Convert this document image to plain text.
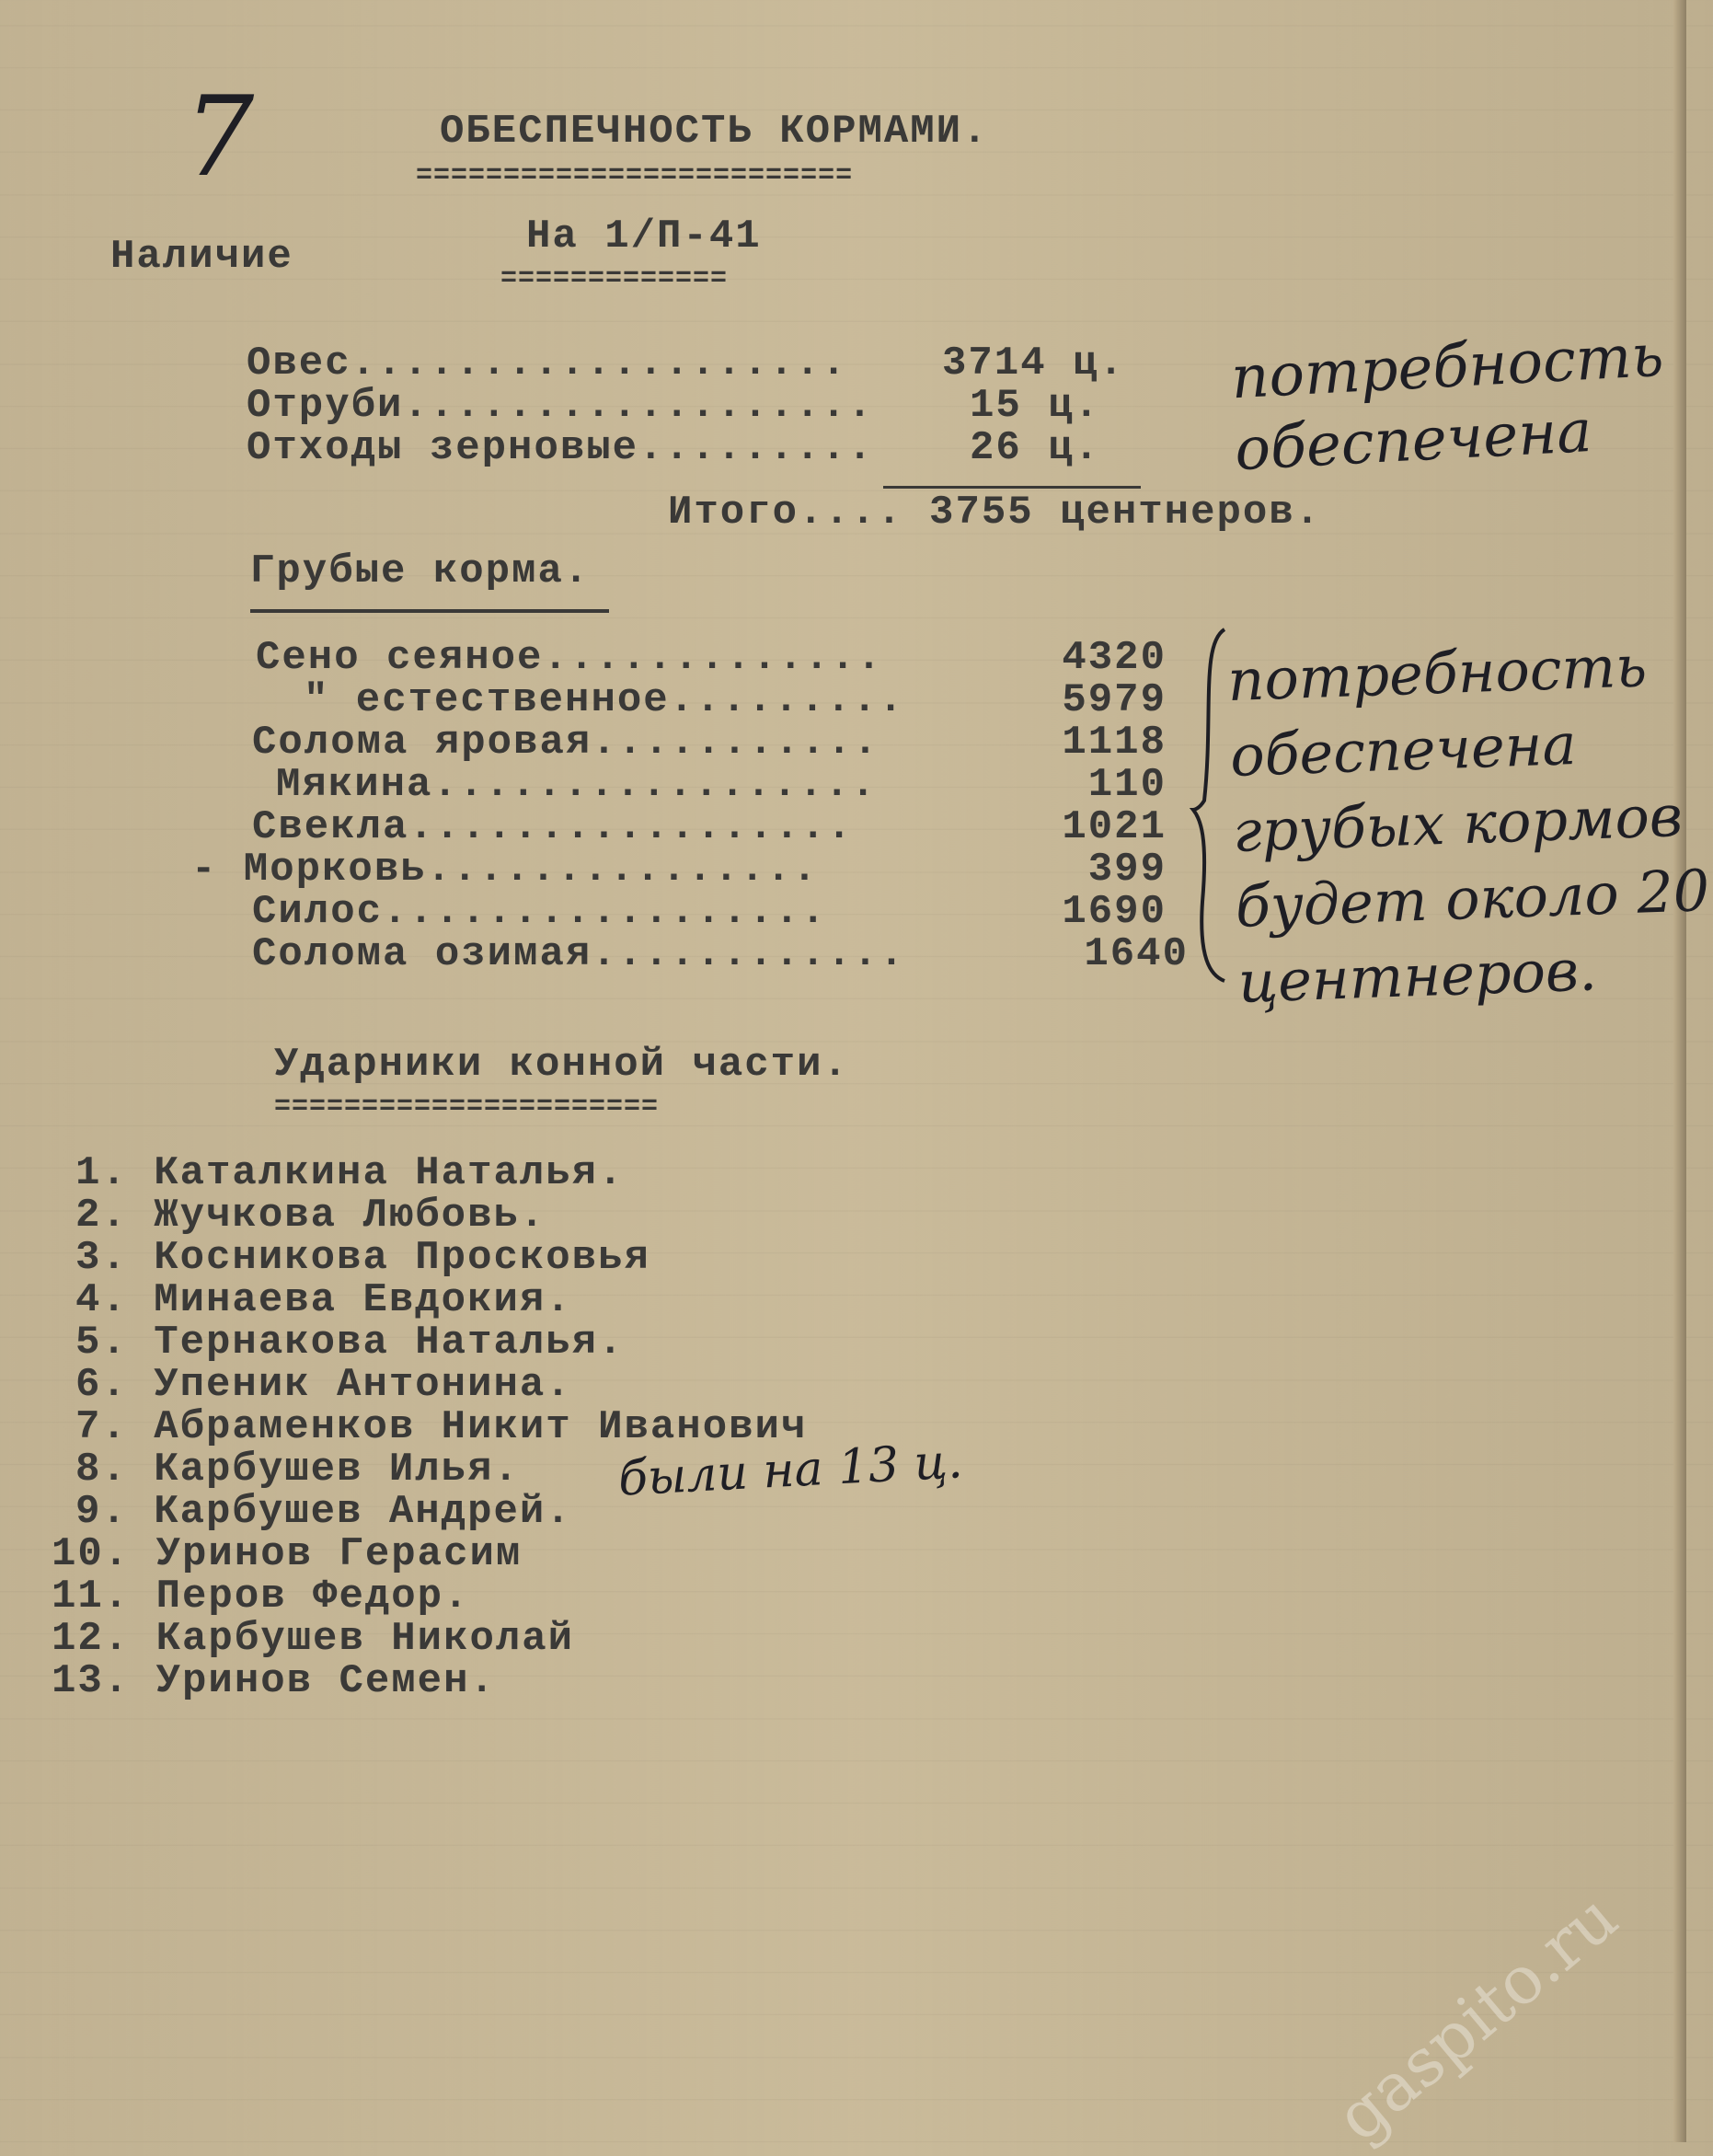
7	ОБЕСПЕЧНОСТЬ КОРМАМИ.
=========================
Наличие	На 1/П-41
=============
Овес................... 3714 ц.
Отруби.................. 15 ц.
Отходы зерновые......... 26 ц.
Итого.... 3755 центнеров.
потребность
обеспечена
Грубые корма.
Сено сеяное.............	4320
" естественное.........	5979
Солома яровая...........	1118
Мякина.................	110
Свекла.................	1021
- Морковь...............	399
Силос.................	1690
Солома озимая............	1640
потребность
обеспечена
грубых кормов
будет около 20
центнеров.
Ударники конной части.
======================
1. Каталкина Наталья.
2. Жучкова Любовь.
3. Косникова Просковья
4. Минаева Евдокия.
5. Тернакова Наталья.
6. Упеник Антонина.
7. Абраменков Никит Иванович
8. Карбушев Илья.
9. Карбушев Андрей.
10. Уринов Герасим
11. Перов Федор.
12. Карбушев Николай
13. Уринов Семен.
были на 13 ц.
gaspito.ru
